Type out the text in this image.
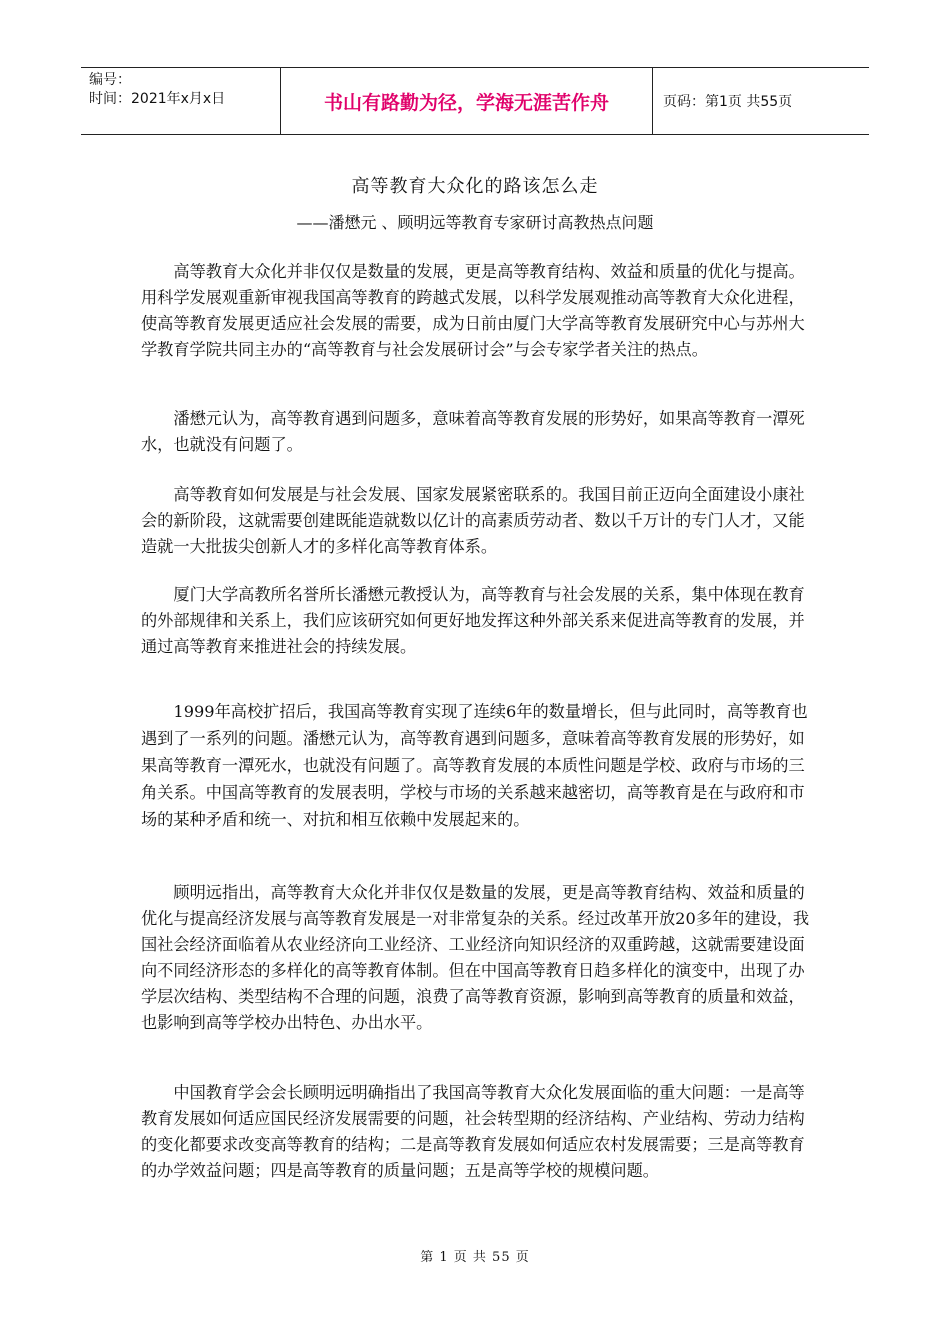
编号：
时间：2021年x月x日	书山有路勤为径，学海无涯苦作舟	页码：第1页 共55页
高等教育大众化的路该怎么走
——潘懋元 、顾明远等教育专家研讨高教热点问题

高等教育大众化并非仅仅是数量的发展，更是高等教育结构、效益和质量的优化与提高。用科学发展观重新审视我国高等教育的跨越式发展，以科学发展观推动高等教育大众化进程，使高等教育发展更适应社会发展的需要，成为日前由厦门大学高等教育发展研究中心与苏州大学教育学院共同主办的“高等教育与社会发展研讨会”与会专家学者关注的热点。

潘懋元认为，高等教育遇到问题多，意味着高等教育发展的形势好，如果高等教育一潭死水，也就没有问题了。

高等教育如何发展是与社会发展、国家发展紧密联系的。我国目前正迈向全面建设小康社会的新阶段，这就需要创建既能造就数以亿计的高素质劳动者、数以千万计的专门人才，又能造就一大批拔尖创新人才的多样化高等教育体系。

厦门大学高教所名誉所长潘懋元教授认为，高等教育与社会发展的关系，集中体现在教育的外部规律和关系上，我们应该研究如何更好地发挥这种外部关系来促进高等教育的发展，并通过高等教育来推进社会的持续发展。

1999年高校扩招后，我国高等教育实现了连续6年的数量增长，但与此同时，高等教育也遇到了一系列的问题。潘懋元认为，高等教育遇到问题多，意味着高等教育发展的形势好，如果高等教育一潭死水，也就没有问题了。高等教育发展的本质性问题是学校、政府与市场的三角关系。中国高等教育的发展表明，学校与市场的关系越来越密切，高等教育是在与政府和市场的某种矛盾和统一、对抗和相互依赖中发展起来的。

顾明远指出，高等教育大众化并非仅仅是数量的发展，更是高等教育结构、效益和质量的优化与提高经济发展与高等教育发展是一对非常复杂的关系。经过改革开放20多年的建设，我国社会经济面临着从农业经济向工业经济、工业经济向知识经济的双重跨越，这就需要建设面向不同经济形态的多样化的高等教育体制。但在中国高等教育日趋多样化的演变中，出现了办学层次结构、类型结构不合理的问题，浪费了高等教育资源，影响到高等教育的质量和效益，也影响到高等学校办出特色、办出水平。

中国教育学会会长顾明远明确指出了我国高等教育大众化发展面临的重大问题：一是高等教育发展如何适应国民经济发展需要的问题，社会转型期的经济结构、产业结构、劳动力结构的变化都要求改变高等教育的结构；二是高等教育发展如何适应农村发展需要；三是高等教育的办学效益问题；四是高等教育的质量问题；五是高等学校的规模问题。

第 1 页 共 55 页
